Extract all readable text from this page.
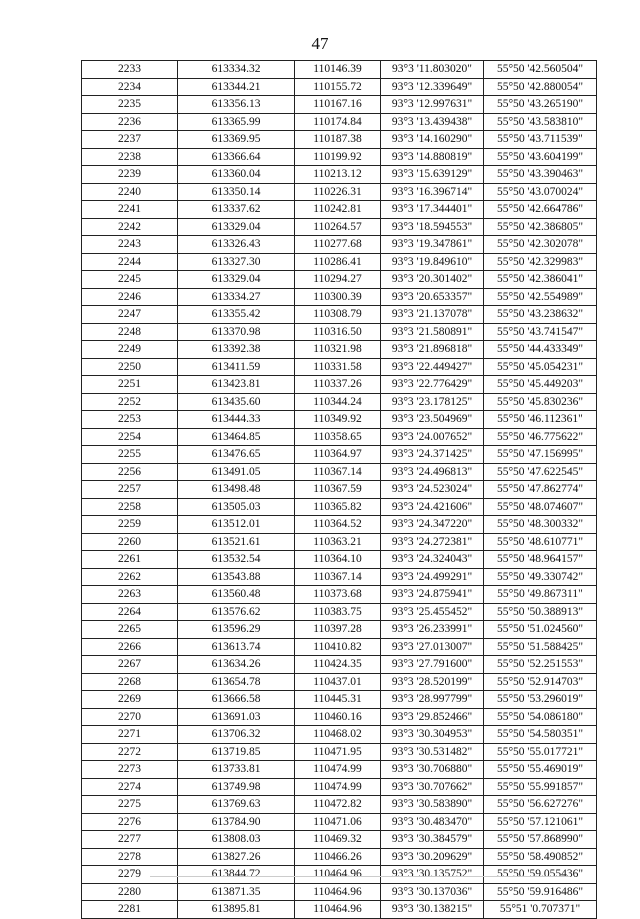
47
2233	613334.32	110146.39	93°3 '11.803020"	55°50 '42.560504"
2234	613344.21	110155.72	93°3 '12.339649"	55°50 '42.880054"
2235	613356.13	110167.16	93°3 '12.997631"	55°50 '43.265190"
2236	613365.99	110174.84	93°3 '13.439438"	55°50 '43.583810"
2237	613369.95	110187.38	93°3 '14.160290"	55°50 '43.711539"
2238	613366.64	110199.92	93°3 '14.880819"	55°50 '43.604199"
2239	613360.04	110213.12	93°3 '15.639129"	55°50 '43.390463"
2240	613350.14	110226.31	93°3 '16.396714"	55°50 '43.070024"
2241	613337.62	110242.81	93°3 '17.344401"	55°50 '42.664786"
2242	613329.04	110264.57	93°3 '18.594553"	55°50 '42.386805"
2243	613326.43	110277.68	93°3 '19.347861"	55°50 '42.302078"
2244	613327.30	110286.41	93°3 '19.849610"	55°50 '42.329983"
2245	613329.04	110294.27	93°3 '20.301402"	55°50 '42.386041"
2246	613334.27	110300.39	93°3 '20.653357"	55°50 '42.554989"
2247	613355.42	110308.79	93°3 '21.137078"	55°50 '43.238632"
2248	613370.98	110316.50	93°3 '21.580891"	55°50 '43.741547"
2249	613392.38	110321.98	93°3 '21.896818"	55°50 '44.433349"
2250	613411.59	110331.58	93°3 '22.449427"	55°50 '45.054231"
2251	613423.81	110337.26	93°3 '22.776429"	55°50 '45.449203"
2252	613435.60	110344.24	93°3 '23.178125"	55°50 '45.830236"
2253	613444.33	110349.92	93°3 '23.504969"	55°50 '46.112361"
2254	613464.85	110358.65	93°3 '24.007652"	55°50 '46.775622"
2255	613476.65	110364.97	93°3 '24.371425"	55°50 '47.156995"
2256	613491.05	110367.14	93°3 '24.496813"	55°50 '47.622545"
2257	613498.48	110367.59	93°3 '24.523024"	55°50 '47.862774"
2258	613505.03	110365.82	93°3 '24.421606"	55°50 '48.074607"
2259	613512.01	110364.52	93°3 '24.347220"	55°50 '48.300332"
2260	613521.61	110363.21	93°3 '24.272381"	55°50 '48.610771"
2261	613532.54	110364.10	93°3 '24.324043"	55°50 '48.964157"
2262	613543.88	110367.14	93°3 '24.499291"	55°50 '49.330742"
2263	613560.48	110373.68	93°3 '24.875941"	55°50 '49.867311"
2264	613576.62	110383.75	93°3 '25.455452"	55°50 '50.388913"
2265	613596.29	110397.28	93°3 '26.233991"	55°50 '51.024560"
2266	613613.74	110410.82	93°3 '27.013007"	55°50 '51.588425"
2267	613634.26	110424.35	93°3 '27.791600"	55°50 '52.251553"
2268	613654.78	110437.01	93°3 '28.520199"	55°50 '52.914703"
2269	613666.58	110445.31	93°3 '28.997799"	55°50 '53.296019"
2270	613691.03	110460.16	93°3 '29.852466"	55°50 '54.086180"
2271	613706.32	110468.02	93°3 '30.304953"	55°50 '54.580351"
2272	613719.85	110471.95	93°3 '30.531482"	55°50 '55.017721"
2273	613733.81	110474.99	93°3 '30.706880"	55°50 '55.469019"
2274	613749.98	110474.99	93°3 '30.707662"	55°50 '55.991857"
2275	613769.63	110472.82	93°3 '30.583890"	55°50 '56.627276"
2276	613784.90	110471.06	93°3 '30.483470"	55°50 '57.121061"
2277	613808.03	110469.32	93°3 '30.384579"	55°50 '57.868990"
2278	613827.26	110466.26	93°3 '30.209629"	55°50 '58.490852"
2279	613844.72	110464.96	93°3 '30.135752"	55°50 '59.055436"
2280	613871.35	110464.96	93°3 '30.137036"	55°50 '59.916486"
2281	613895.81	110464.96	93°3 '30.138215"	55°51 '0.707371"
